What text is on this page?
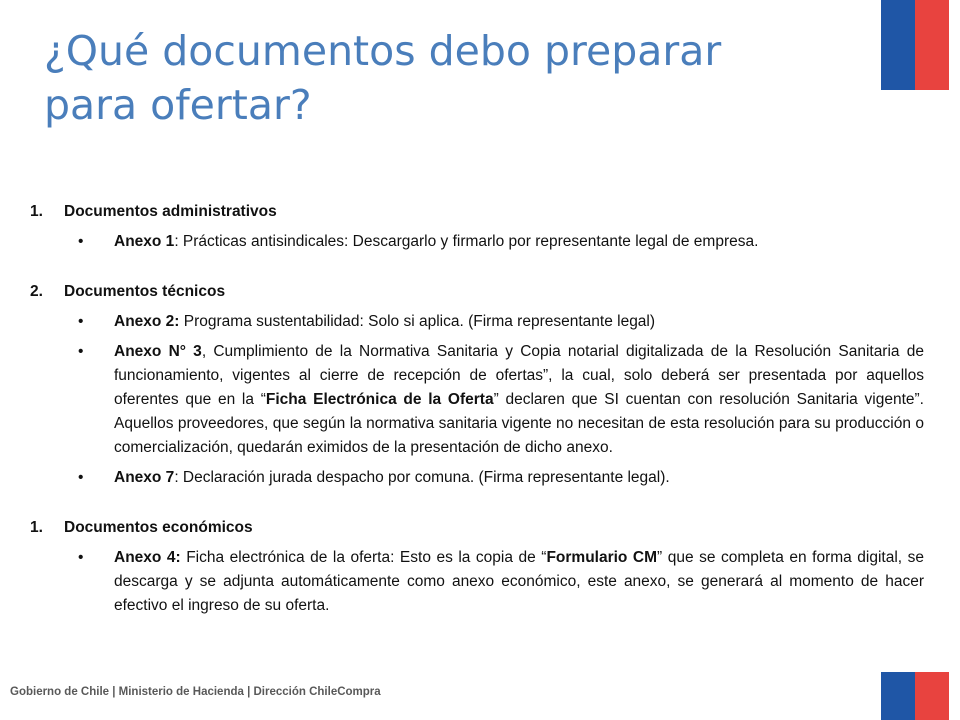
¿Qué documentos debo preparar
para ofertar?
1.	Documentos administrativos
•	Anexo 1: Prácticas antisindicales: Descargarlo y firmarlo por representante legal de empresa.
2.	Documentos técnicos
•	Anexo 2: Programa sustentabilidad: Solo si aplica. (Firma representante legal)
•	Anexo N° 3, Cumplimiento de la Normativa Sanitaria y Copia notarial digitalizada de la Resolución Sanitaria de funcionamiento, vigentes al cierre de recepción de ofertas”, la cual, solo deberá ser presentada por aquellos oferentes que en la “Ficha Electrónica de la Oferta” declaren que SI cuentan con resolución Sanitaria vigente”. Aquellos proveedores, que según la normativa sanitaria vigente no necesitan de esta resolución para su producción o comercialización, quedarán eximidos de la presentación de dicho anexo.
•	Anexo 7: Declaración jurada despacho por comuna. (Firma representante legal).
1.	Documentos económicos
•	Anexo 4: Ficha electrónica de la oferta: Esto es la copia de “Formulario CM” que se completa en forma digital, se descarga y se adjunta automáticamente como anexo económico, este anexo, se generará al momento de hacer efectivo el ingreso de su oferta.
Gobierno de Chile | Ministerio de Hacienda | Dirección ChileCompra
